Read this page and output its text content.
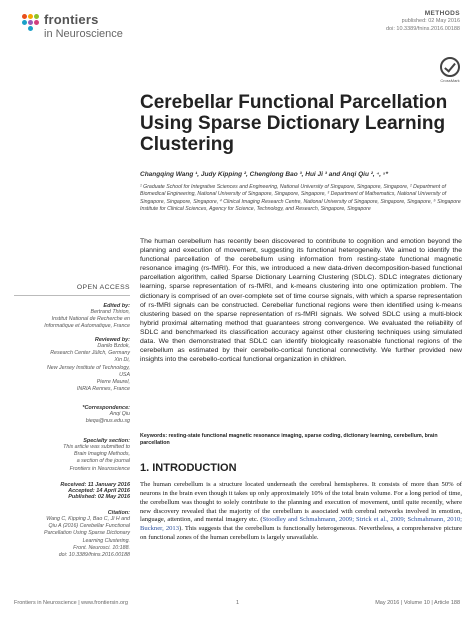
frontiers
in Neuroscience
METHODS
published: 02 May 2016
doi: 10.3389/fnins.2016.00188
CrossMark
Cerebellar Functional Parcellation Using Sparse Dictionary Learning Clustering
Changqing Wang ¹, Judy Kipping ², Chenglong Bao ³, Hui Ji ³ and Anqi Qiu ², ⁴, ⁵*
¹ Graduate School for Integrative Sciences and Engineering, National University of Singapore, Singapore, Singapore, ² Department of Biomedical Engineering, National University of Singapore, Singapore, Singapore, ³ Department of Mathematics, National University of Singapore, Singapore, Singapore, ⁴ Clinical Imaging Research Centre, National University of Singapore, Singapore, Singapore, ⁵ Singapore Institute for Clinical Sciences, Agency for Science, Technology, and Research, Singapore, Singapore

The human cerebellum has recently been discovered to contribute to cognition and emotion beyond the planning and execution of movement, suggesting its functional heterogeneity. We aimed to identify the functional parcellation of the cerebellum using information from resting-state functional magnetic resonance imaging (rs-fMRI). For this, we introduced a new data-driven decomposition-based functional parcellation algorithm, called Sparse Dictionary Learning Clustering (SDLC). SDLC integrates dictionary learning, sparse representation of rs-fMRI, and k-means clustering into one optimization problem. The dictionary is comprised of an over-complete set of time course signals, with which a sparse representation of rs-fMRI signals can be constructed. Cerebellar functional regions were then identified using k-means clustering based on the sparse representation of rs-fMRI signals. We solved SDLC using a multi-block hybrid proximal alternating method that guarantees strong convergence. We evaluated the reliability of SDLC and benchmarked its classification accuracy against other clustering techniques using simulated data. We then demonstrated that SDLC can identify biologically reasonable functional regions of the cerebellum as estimated by their cerebello-cortical functional connectivity. We further provided new insights into the cerebello-cortical functional organization in children.

Keywords: resting-state functional magnetic resonance imaging, sparse coding, dictionary learning, cerebellum, brain parcellation
1. INTRODUCTION
The human cerebellum is a structure located underneath the cerebral hemispheres. It consists of more than 50% of neurons in the brain even though it takes up only approximately 10% of the total brain volume. For a long period of time, the cerebellum was thought to solely contribute to the planning and execution of movement, until quite recently, where new discovery revealed that the majority of the cerebellum is associated with cerebral networks involved in emotion, language, attention, and mental imagery etc. (Stoodley and Schmahmann, 2009; Strick et al., 2009; Schmahmann, 2010; Buckner, 2013). This suggests that the cerebellum is functionally heterogeneous. Nevertheless, a comprehensive picture on functional zones of the human cerebellum is largely unavailable.
OPEN ACCESS
Edited by:
Bertrand Thirion,
Institut National de Recherche en
Informatique et Automatique, France
Reviewed by:
Danilo Bzdok,
Research Center Jülich, Germany
Xin Di,
New Jersey Institute of Technology,
USA
Pierre Maurel,
INRIA Rennes, France
*Correspondence:
Anqi Qiu
bieqa@nus.edu.sg
Specialty section:
This article was submitted to
Brain Imaging Methods,
a section of the journal
Frontiers in Neuroscience
Received: 11 January 2016
Accepted: 14 April 2016
Published: 02 May 2016
Citation:
Wang C, Kipping J, Bao C, Ji H and
Qiu A (2016) Cerebellar Functional
Parcellation Using Sparse Dictionary
Learning Clustering.
Front. Neurosci. 10:188.
doi: 10.3389/fnins.2016.00188
Frontiers in Neuroscience | www.frontiersin.org	1	May 2016 | Volume 10 | Article 188
